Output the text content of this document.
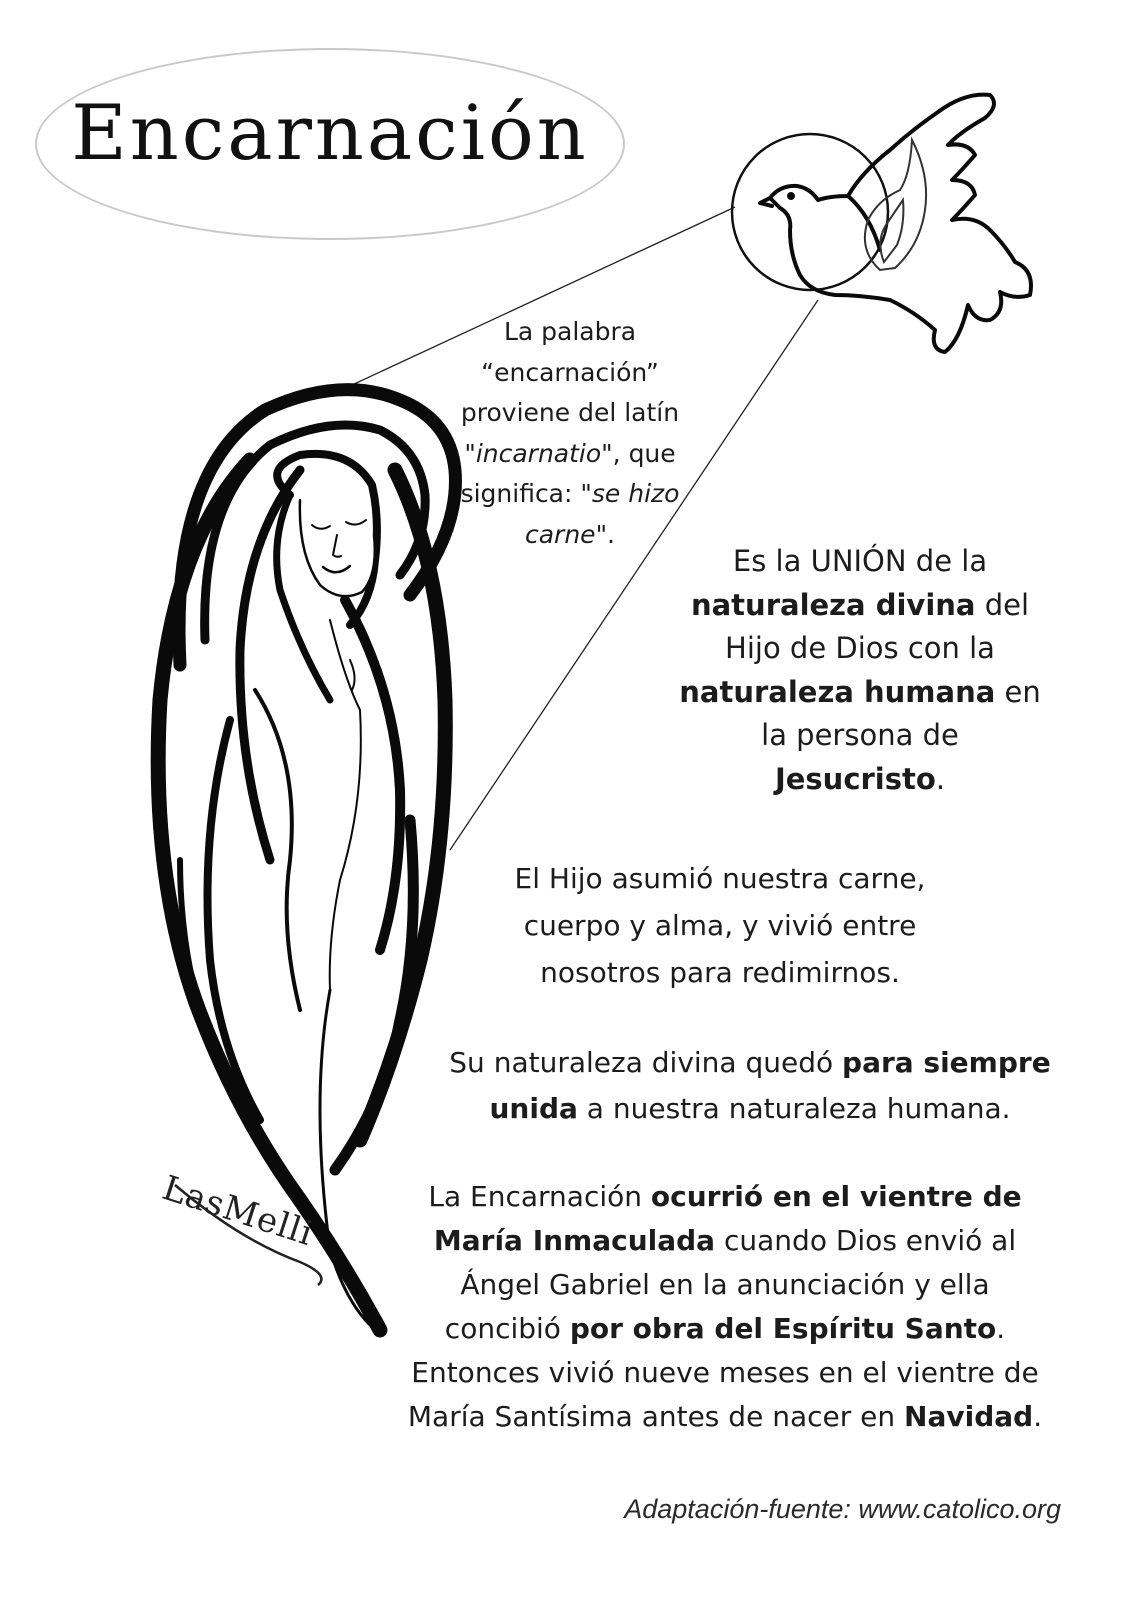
Encarnación
LasMelli
La palabra
“encarnación”
proviene del latín
"incarnatio", que
significa: "se hizo
carne".
Es la UNIÓN de la
naturaleza divina del
Hijo de Dios con la
naturaleza humana en
la persona de
Jesucristo.
El Hijo asumió nuestra carne,
cuerpo y alma, y vivió entre
nosotros para redimirnos.
Su naturaleza divina quedó para siempre
unida a nuestra naturaleza humana.
La Encarnación ocurrió en el vientre de
María Inmaculada cuando Dios envió al
Ángel Gabriel en la anunciación y ella
concibió por obra del Espíritu Santo.
Entonces vivió nueve meses en el vientre de
María Santísima antes de nacer en Navidad.
Adaptación-fuente: www.catolico.org
